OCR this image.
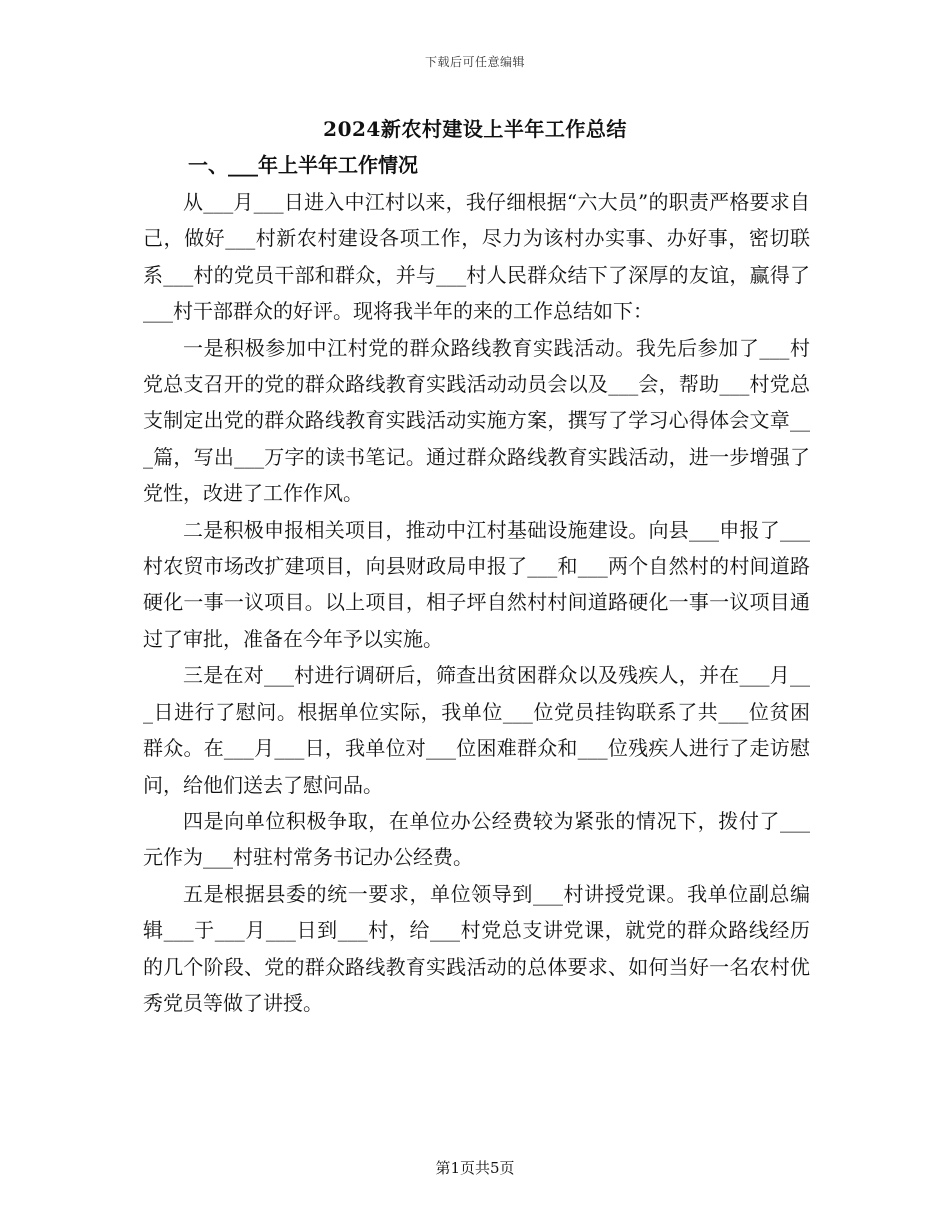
下载后可任意编辑
2024新农村建设上半年工作总结
一、___年上半年工作情况

从___月___日进入中江村以来，我仔细根据“六大员”的职责严格要求自己，做好___村新农村建设各项工作，尽力为该村办实事、办好事，密切联系___村的党员干部和群众，并与___村人民群众结下了深厚的友谊，赢得了___村干部群众的好评。现将我半年的来的工作总结如下：

一是积极参加中江村党的群众路线教育实践活动。我先后参加了___村党总支召开的党的群众路线教育实践活动动员会以及___会，帮助___村党总支制定出党的群众路线教育实践活动实施方案，撰写了学习心得体会文章___篇，写出___万字的读书笔记。通过群众路线教育实践活动，进一步增强了党性，改进了工作作风。

二是积极申报相关项目，推动中江村基础设施建设。向县___申报了___村农贸市场改扩建项目，向县财政局申报了___和___两个自然村的村间道路硬化一事一议项目。以上项目，相子坪自然村村间道路硬化一事一议项目通过了审批，准备在今年予以实施。

三是在对___村进行调研后，筛查出贫困群众以及残疾人，并在___月___日进行了慰问。根据单位实际，我单位___位党员挂钩联系了共___位贫困群众。在___月___日，我单位对___位困难群众和___位残疾人进行了走访慰问，给他们送去了慰问品。

四是向单位积极争取，在单位办公经费较为紧张的情况下，拨付了___元作为___村驻村常务书记办公经费。

五是根据县委的统一要求，单位领导到___村讲授党课。我单位副总编辑___于___月___日到___村，给___村党总支讲党课，就党的群众路线经历的几个阶段、党的群众路线教育实践活动的总体要求、如何当好一名农村优秀党员等做了讲授。

第1页共5页
